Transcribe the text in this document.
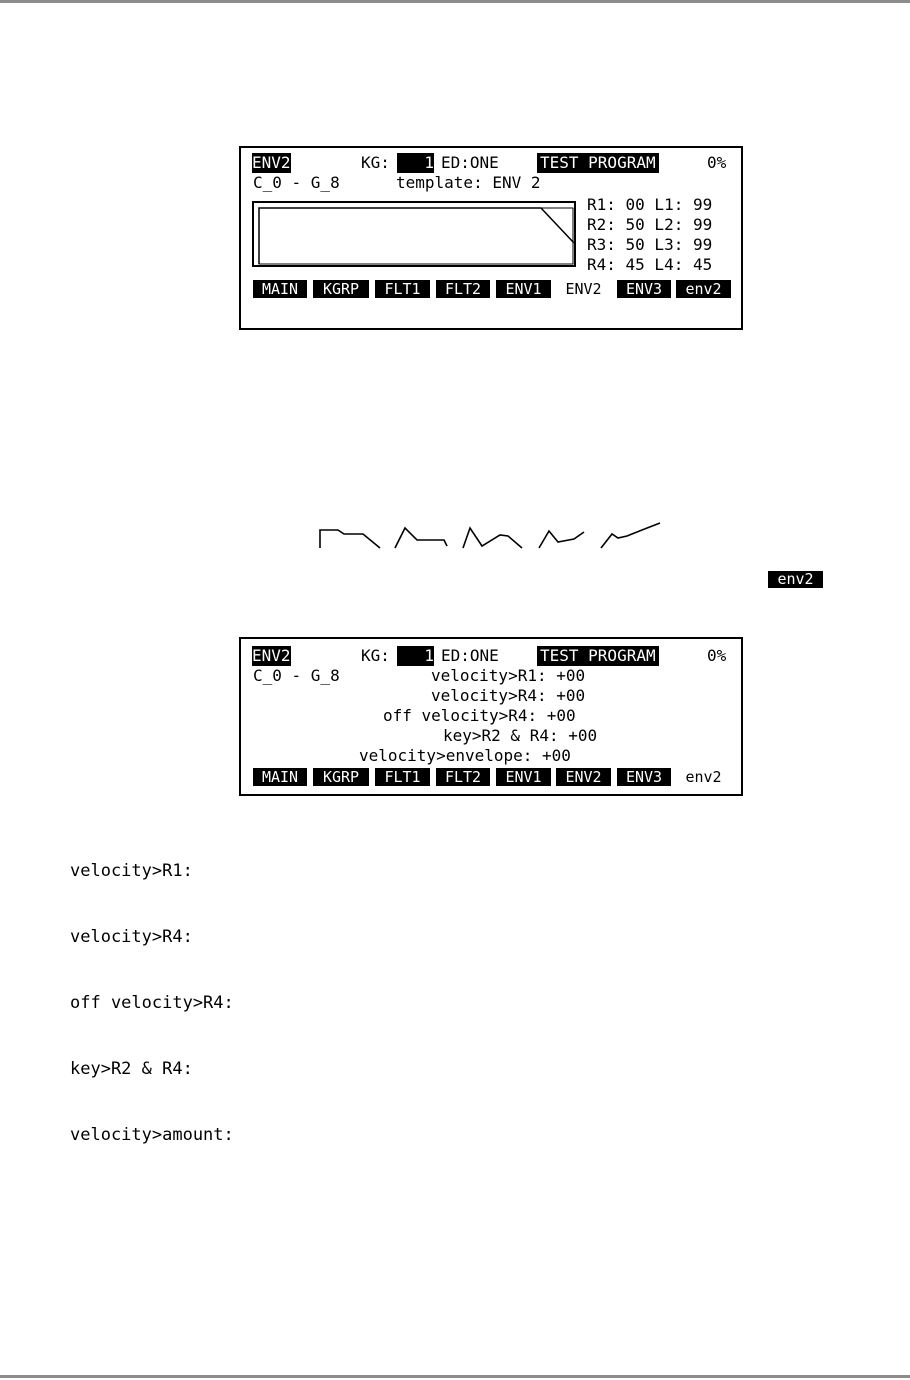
ENV2

	KG:

	1

ED:ONE

	TEST PROGRAM

	0%

C_0 - G_8

	template: ENV 2

R1: 00 L1: 99

R2: 50 L2: 99

R3: 50 L3: 99

R4: 45 L4: 45

MAIN	KGRP	FLT1	FLT2	ENV1	ENV2	ENV3	env2
env2

ENV2

	KG:

	1

ED:ONE

	TEST PROGRAM

	0%

C_0 - G_8

	velocity>R1: +00

velocity>R4: +00

off velocity>R4: +00

key>R2 & R4: +00

velocity>envelope: +00

MAIN	KGRP	FLT1	FLT2	ENV1	ENV2	ENV3	env2
velocity>R1:
velocity>R4:
off velocity>R4:
key>R2 & R4:
velocity>amount:
